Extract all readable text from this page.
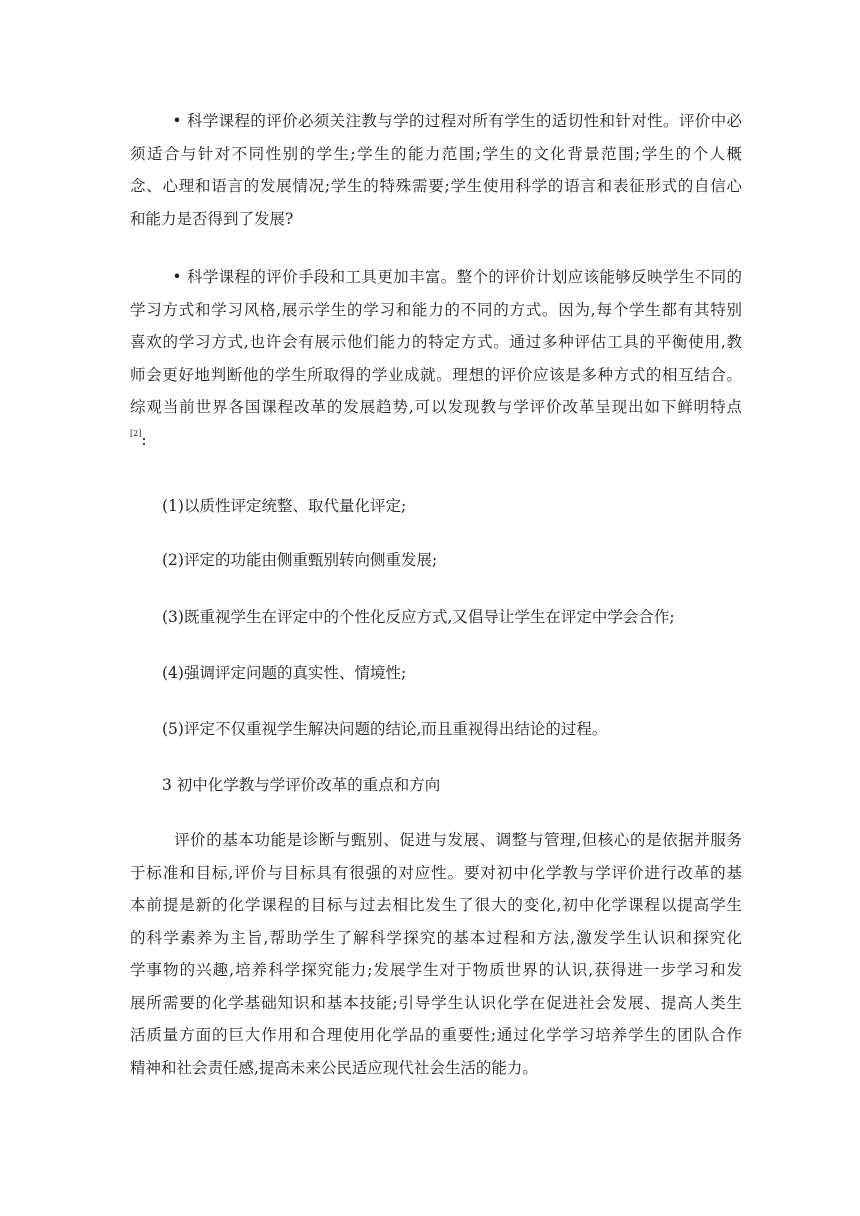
• 科学课程的评价必须关注教与学的过程对所有学生的适切性和针对性。评价中必
须适合与针对不同性别的学生;学生的能力范围;学生的文化背景范围;学生的个人概
念、心理和语言的发展情况;学生的特殊需要;学生使用科学的语言和表征形式的自信心
和能力是否得到了发展?
• 科学课程的评价手段和工具更加丰富。整个的评价计划应该能够反映学生不同的
学习方式和学习风格,展示学生的学习和能力的不同的方式。因为,每个学生都有其特别
喜欢的学习方式,也许会有展示他们能力的特定方式。通过多种评估工具的平衡使用,教
师会更好地判断他的学生所取得的学业成就。理想的评价应该是多种方式的相互结合。
综观当前世界各国课程改革的发展趋势,可以发现教与学评价改革呈现出如下鲜明特点
[2]:
(1)以质性评定统整、取代量化评定;
(2)评定的功能由侧重甄别转向侧重发展;
(3)既重视学生在评定中的个性化反应方式,又倡导让学生在评定中学会合作;
(4)强调评定问题的真实性、情境性;
(5)评定不仅重视学生解决问题的结论,而且重视得出结论的过程。
3 初中化学教与学评价改革的重点和方向
评价的基本功能是诊断与甄别、促进与发展、调整与管理,但核心的是依据并服务
于标准和目标,评价与目标具有很强的对应性。要对初中化学教与学评价进行改革的基
本前提是新的化学课程的目标与过去相比发生了很大的变化,初中化学课程以提高学生
的科学素养为主旨,帮助学生了解科学探究的基本过程和方法,激发学生认识和探究化
学事物的兴趣,培养科学探究能力;发展学生对于物质世界的认识,获得进一步学习和发
展所需要的化学基础知识和基本技能;引导学生认识化学在促进社会发展、提高人类生
活质量方面的巨大作用和合理使用化学品的重要性;通过化学学习培养学生的团队合作
精神和社会责任感,提高未来公民适应现代社会生活的能力。
